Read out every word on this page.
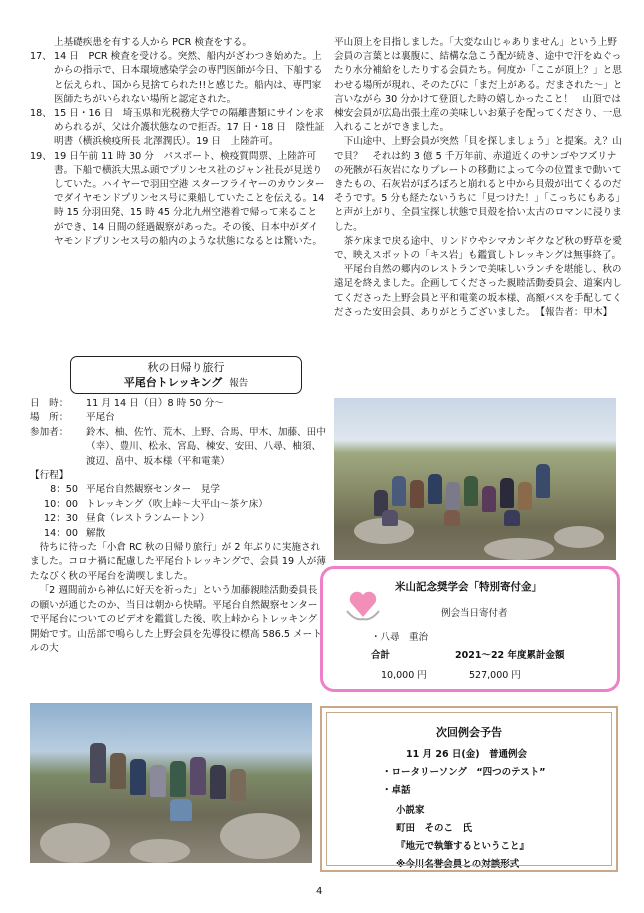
上基礎疾患を有する人から PCR 検査をする。

17、 14 日　PCR 検査を受ける。突然、船内がざわつき始めた。上からの指示で、日本環境感染学会の専門医師が今日、下船すると伝えられ、国から見捨てられた!!と感じた。船内は、専門家医師たちがいられない場所と認定された。
18、 15 日・16 日　埼玉県和光税務大学での隔離書類にサインを求められるが、父は介護状態なので拒否。17 日・18 日　陰性証明書（横浜検疫所長 北澤潤氏）。19 日　上陸許可。
19、 19 日午前 11 時 30 分　パスポート、検疫質問票、上陸許可書。下船で横浜大黒ふ頭でプリンセス社のジャン社長が見送りしていた。ハイヤーで羽田空港 スターフライヤーのカウンターでダイヤモンドプリンセス号に乗船していたことを伝える。14 時 15 分羽田発、15 時 45 分北九州空港着で帰って来ることができ、14 日間の経過観察があった。その後、日本中がダイヤモンドプリンセス号の船内のような状態になるとは驚いた。
秋の日帰り旅行
平尾台トレッキング 報告
日　時：	11 月 14 日（日）8 時 50 分～
場　所：	平尾台
参加者：	鈴木、柚、佐竹、荒木、上野、合馬、甲木、加藤、田中（幸）、豊川、松永、宮島、棟安、安田、八尋、柚須、渡辺、畠中、坂本様（平和電業）
【行程】
8：50 平尾台自然観察センター　見学
10：00 トレッキング（吹上峠～大平山～茶ケ床）
12：30 昼食（レストランムートン）
14：00 解散

待ちに待った「小倉 RC 秋の日帰り旅行」が 2 年ぶりに実施されました。コロナ禍に配慮した平尾台トレッキングで、会員 19 人が薄たなびく秋の平尾台を満喫しました。

「2 週間前から神仏に好天を祈った」という加藤親睦活動委員長の願いが通じたのか、当日は朝から快晴。平尾台自然観察センターで平尾台についてのビデオを鑑賞した後、吹上峠からトレッキング開始です。山岳部で鳴らした上野会員を先導役に標高 586.5 メートルの大

平山頂上を目指しました。「大変な山じゃありません」という上野会員の言葉とは裏腹に、結構な急こう配が続き、途中で汗をぬぐったり水分補給をしたりする会員たち。何度か「ここが頂上？」と思わせる場所が現れ、そのたびに「まだ上がある。だまされた～」と言いながら 30 分かけて登頂した時の嬉しかったこと！　山頂では棟安会員が広島出張土産の美味しいお菓子を配ってくださり、一息入れることができました。

下山途中、上野会員が突然「貝を探しましょう」と提案。え？山で貝？　それは約 3 億 5 千万年前、赤道近くのサンゴやフズリナの死骸が石灰岩になりプレートの移動によって今の位置まで動いてきたもの、石灰岩がぼろぼろと崩れると中から貝殻が出てくるのだそうです。5 分も経たないうちに「見つけた！」「こっちにもある」と声が上がり、全員宝探し状態で貝殻を拾い太古のロマンに浸りました。

茶ケ床まで戻る途中、リンドウやシマカンギクなど秋の野草を愛で、映えスポットの「キス岩」も鑑賞しトレッキングは無事終了。

平尾台自然の郷内のレストランで美味しいランチを堪能し、秋の遠足を終えました。企画してくださった親睦活動委員会、道案内してくださった上野会員と平和電業の坂本様、高額バスを手配してくださった安田会員、ありがとうございました。　 【報告者：甲木】

米山記念奨学会「特別寄付金」
例会当日寄付者
・八尋　重治
合計	2021～22 年度累計金額
10,000 円	527,000 円
次回例会予告
11 月 26 日(金)　普通例会
・ロータリーソング　“四つのテスト”
・卓話
小説家
町田　そのこ　氏
『地元で執筆するということ』
※今川名誉会員との対談形式
4
